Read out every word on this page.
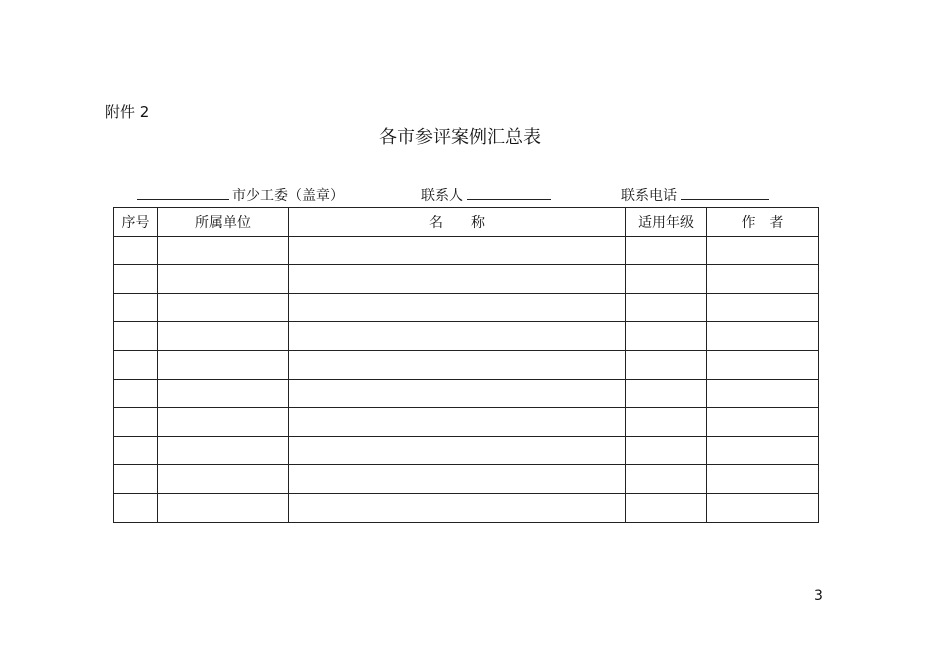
附件 2
各市参评案例汇总表
市少工委（盖章）	联系人	联系电话
序号	所属单位	名　　称	适用年级	作　者

3
